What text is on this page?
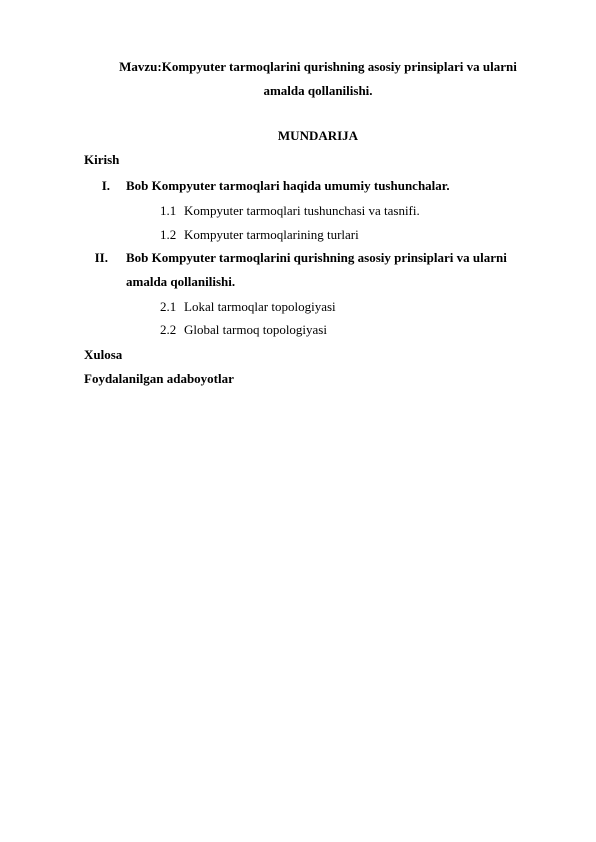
Mavzu:Kompyuter tarmoqlarini qurishning asosiy prinsiplari va ularni
amalda qollanilishi.
MUNDARIJA
Kirish
I. Bob Kompyuter tarmoqlari haqida umumiy tushunchalar.
1.1 Kompyuter tarmoqlari tushunchasi va tasnifi.
1.2 Kompyuter tarmoqlarining turlari
II. Bob Kompyuter tarmoqlarini qurishning asosiy prinsiplari va ularni
amalda qollanilishi.
2.1 Lokal tarmoqlar topologiyasi
2.2 Global tarmoq topologiyasi
Xulosa
Foydalanilgan adaboyotlar
